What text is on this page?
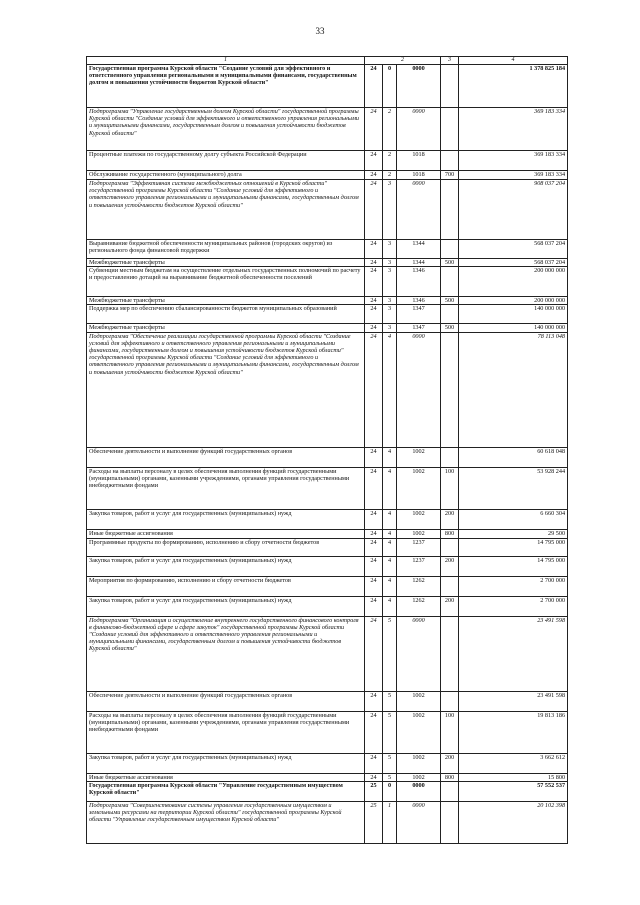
33
1	2			3	4
Государственная программа Курской области "Создание условий для эффективного и ответственного управления региональными и муниципальными финансами, государственным долгом и повышения устойчивости бюджетов Курской области"	24	0	0000		1 378 825 184
Подпрограмма "Управление государственным долгом Курской области" государственной программы Курской области "Создание условий для эффективного и ответственного управления региональными и муниципальными финансами, государственным долгом и повышения устойчивости бюджетов Курской области"	24	2	0000		369 183 334
Процентные платежи по государственному долгу субъекта Российской Федерации	24	2	1018		369 183 334
Обслуживание государственного (муниципального) долга	24	2	1018	700	369 183 334
Подпрограмма "Эффективная система межбюджетных отношений в Курской области" государственной программы Курской области "Создание условий для эффективного и ответственного управления региональными и муниципальными финансами, государственным долгом и повышения устойчивости бюджетов Курской области"	24	3	0000		908 037 204
Выравнивание бюджетной обеспеченности муниципальных районов (городских округов) из регионального фонда финансовой поддержки	24	3	1344		568 037 204
Межбюджетные трансферты	24	3	1344	500	568 037 204
Субвенции местным бюджетам на осуществление отдельных государственных полномочий по расчету и предоставлению дотаций на выравнивание бюджетной обеспеченности поселений	24	3	1346		200 000 000
Межбюджетные трансферты	24	3	1346	500	200 000 000
Поддержка мер по обеспечению сбалансированности бюджетов муниципальных образований	24	3	1347		140 000 000
Межбюджетные трансферты	24	3	1347	500	140 000 000
Подпрограмма "Обеспечение реализации государственной программы Курской области "Создание условий для эффективного и ответственного управления региональными и муниципальными финансами, государственным долгом и повышения устойчивости бюджетов Курской области" государственной программы Курской области "Создание условий для эффективного и ответственного управления региональными и муниципальными финансами, государственным долгом и повышения устойчивости бюджетов Курской области"	24	4	0000		78 113 048
Обеспечение деятельности и выполнение функций государственных органов	24	4	1002		60 618 048
Расходы на выплаты персоналу в целях обеспечения выполнения функций государственными (муниципальными) органами, казенными учреждениями, органами управления государственными внебюджетными фондами	24	4	1002	100	53 928 244
Закупка товаров, работ и услуг для государственных (муниципальных) нужд	24	4	1002	200	6 660 304
Иные бюджетные ассигнования	24	4	1002	800	29 500
Программные продукты по формированию, исполнению и сбору отчетности бюджетов	24	4	1237		14 795 000
Закупка товаров, работ и услуг для государственных (муниципальных) нужд	24	4	1237	200	14 795 000
Мероприятия по формированию, исполнению и сбору отчетности бюджетов	24	4	1262		2 700 000
Закупка товаров, работ и услуг для государственных (муниципальных) нужд	24	4	1262	200	2 700 000
Подпрограмма "Организация и осуществление внутреннего государственного финансового контроля в финансово-бюджетной сфере и сфере закупок" государственной программы Курской области "Создание условий для эффективного и ответственного управления региональными и муниципальными финансами, государственным долгом и повышения устойчивости бюджетов Курской области"	24	5	0000		23 491 598
Обеспечение деятельности и выполнение функций государственных органов	24	5	1002		23 491 598
Расходы на выплаты персоналу в целях обеспечения выполнения функций государственными (муниципальными) органами, казенными учреждениями, органами управления государственными внебюджетными фондами	24	5	1002	100	19 813 186
Закупка товаров, работ и услуг для государственных (муниципальных) нужд	24	5	1002	200	3 662 612
Иные бюджетные ассигнования	24	5	1002	800	15 800
Государственная программа Курской области "Управление государственным имуществом Курской области"	25	0	0000		57 552 537
Подпрограмма "Совершенствование системы управления государственным имуществом и земельными ресурсами на территории Курской области" государственной программы Курской области "Управление государственным имуществом Курской области"	25	1	0000		20 102 398
